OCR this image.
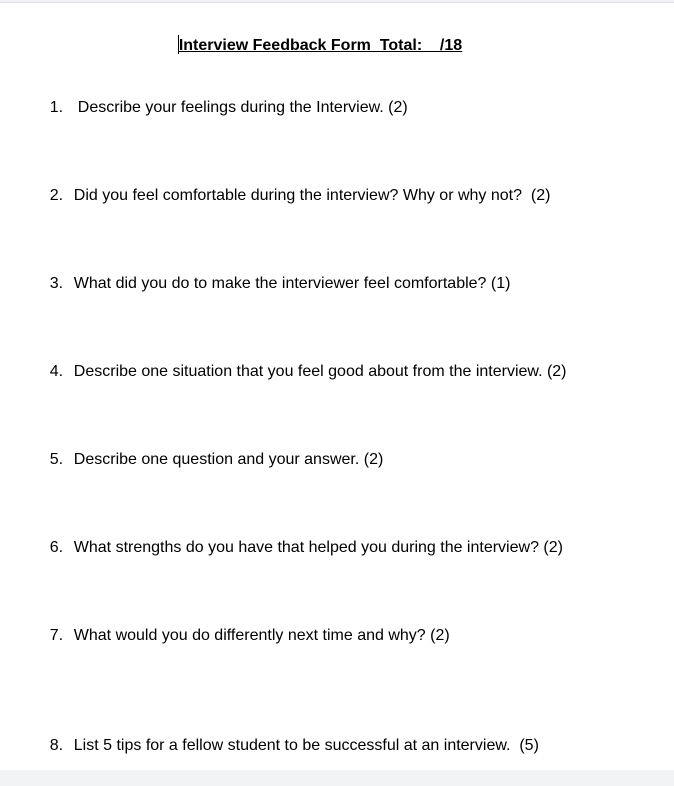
Interview Feedback Form  Total:    /18

1. Describe your feelings during the Interview. (2)

2. Did you feel comfortable during the interview? Why or why not?  (2)

3. What did you do to make the interviewer feel comfortable? (1)

4. Describe one situation that you feel good about from the interview. (2)

5. Describe one question and your answer. (2)

6. What strengths do you have that helped you during the interview? (2)

7. What would you do differently next time and why? (2)

8. List 5 tips for a fellow student to be successful at an interview.  (5)
